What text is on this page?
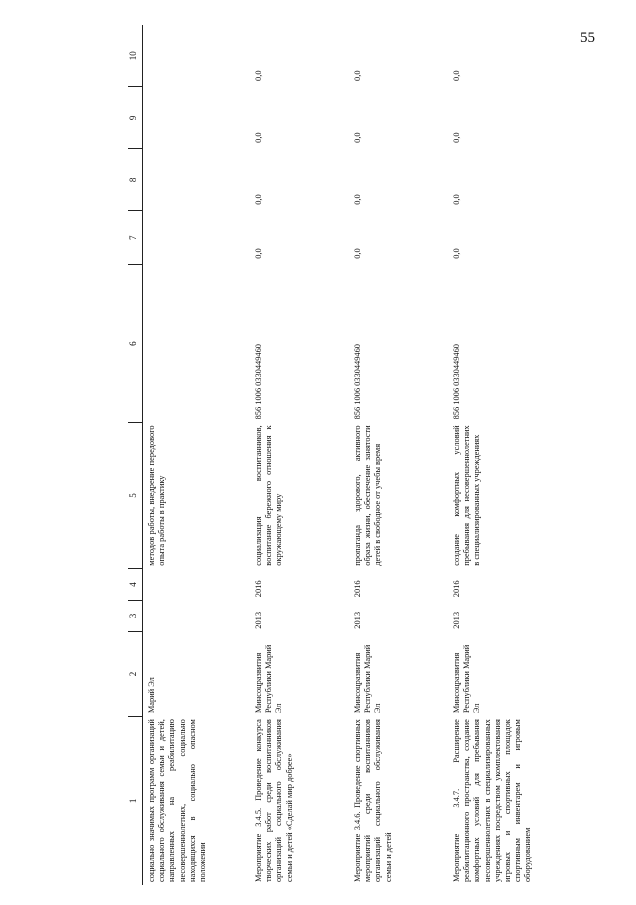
55
1	2	3	4	5	6	7	8	9	10
социально значимых программ организаций социального обслуживания семьи и детей, направленных на реабилитацию несовершеннолетних, социально находящихся в социально опасном положении	Марий Эл			методов работы, внедрение передового опыта работы в практику					
Мероприятие 3.4.5. Проведение конкурса творческих работ среди воспитанников организаций социального обслуживания семьи и детей «Сделай мир добрее»	Минсоцразвития Республики Марий Эл	2013	2016	социализация воспитанников, воспитание бережного отношения к окружающему миру	856 1006 0330449460	0,0	0,0	0,0	0,0
Мероприятие 3.4.6. Проведение спортивных мероприятий среди воспитанников организаций социального обслуживания семьи и детей	Минсоцразвития Республики Марий Эл	2013	2016	пропаганда здорового, активного образа жизни, обеспечение занятости детей в свободное от учебы время	856 1006 0330449460	0,0	0,0	0,0	0,0
Мероприятие 3.4.7. Расширение реабилитационного пространства, создание комфортных условий для пребывания несовершеннолетних в специализированных учреждениях посредством укомплектования игровых и спортивных площадок спортивным инвентарем и игровым оборудованием	Минсоцразвития Республики Марий Эл	2013	2016	создание комфортных условий пребывания для несовершеннолетних в специализированных учреждениях	856 1006 0330449460	0,0	0,0	0,0	0,0
